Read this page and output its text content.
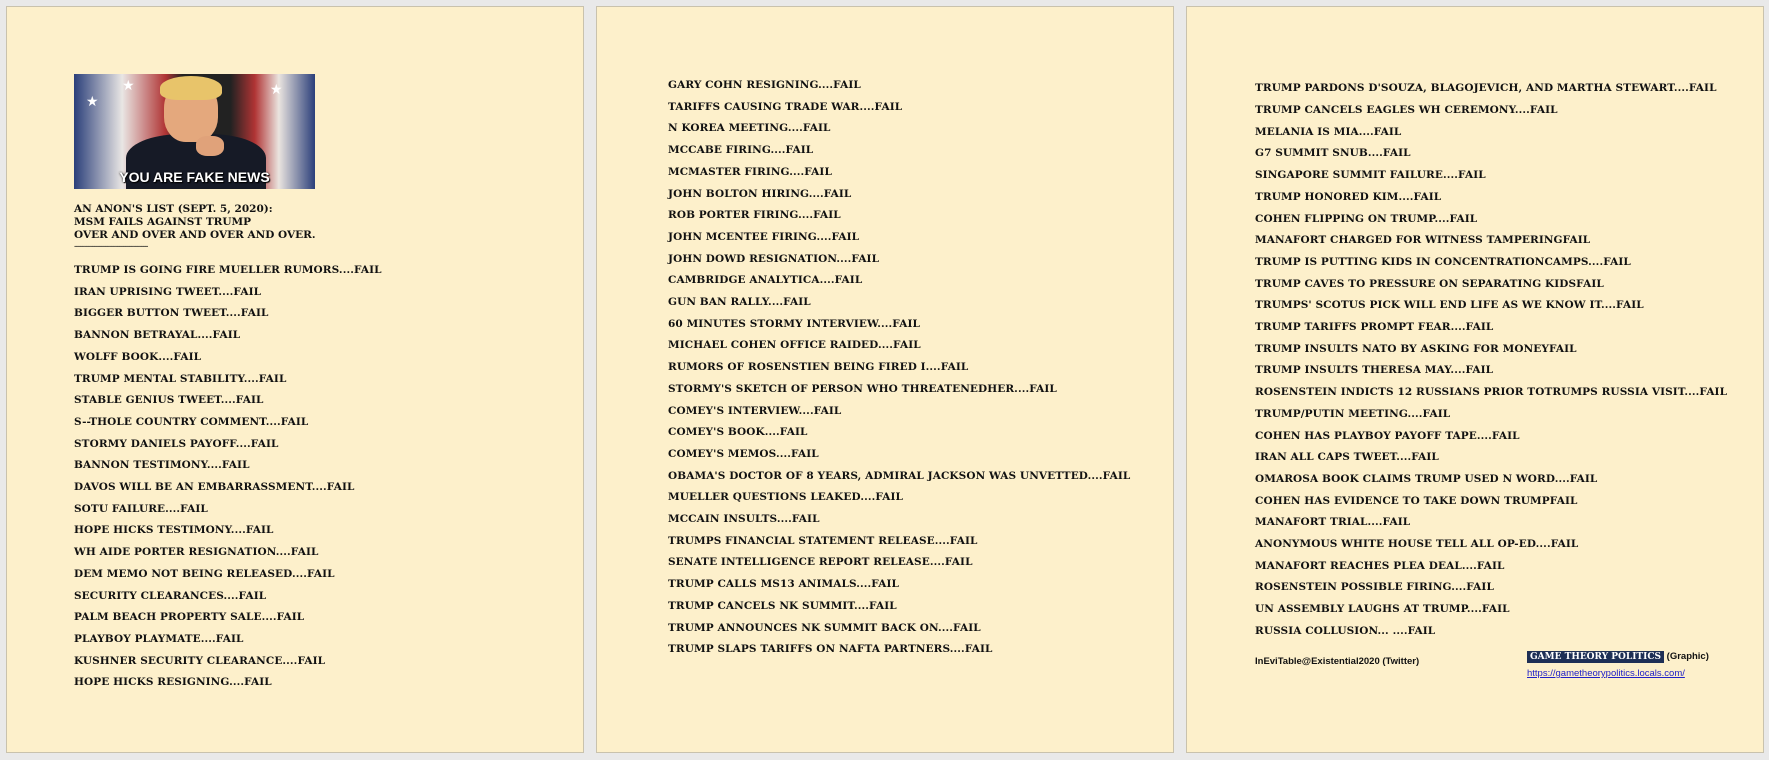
★
★
★
YOU ARE FAKE NEWS
AN ANON'S LIST (SEPT. 5, 2020):
MSM FAILS AGAINST TRUMP
OVER AND OVER AND OVER AND OVER.
------------------------------------
TRUMP IS GOING FIRE MUELLER RUMORS....FAIL
IRAN UPRISING TWEET....FAIL
BIGGER BUTTON TWEET....FAIL
BANNON BETRAYAL....FAIL
WOLFF BOOK....FAIL
TRUMP MENTAL STABILITY....FAIL
STABLE GENIUS TWEET....FAIL
S--THOLE COUNTRY COMMENT....FAIL
STORMY DANIELS PAYOFF....FAIL
BANNON TESTIMONY....FAIL
DAVOS WILL BE AN EMBARRASSMENT....FAIL
SOTU FAILURE....FAIL
HOPE HICKS TESTIMONY....FAIL
WH AIDE PORTER RESIGNATION....FAIL
DEM MEMO NOT BEING RELEASED....FAIL
SECURITY CLEARANCES....FAIL
PALM BEACH PROPERTY SALE....FAIL
PLAYBOY PLAYMATE....FAIL
KUSHNER SECURITY CLEARANCE....FAIL
HOPE HICKS RESIGNING....FAIL
GARY COHN RESIGNING....FAIL
TARIFFS CAUSING TRADE WAR....FAIL
N KOREA MEETING....FAIL
MCCABE FIRING....FAIL
MCMASTER FIRING....FAIL
JOHN BOLTON HIRING....FAIL
ROB PORTER FIRING....FAIL
JOHN MCENTEE FIRING....FAIL
JOHN DOWD RESIGNATION....FAIL
CAMBRIDGE ANALYTICA....FAIL
GUN BAN RALLY....FAIL
60 MINUTES STORMY INTERVIEW....FAIL
MICHAEL COHEN OFFICE RAIDED....FAIL
RUMORS OF ROSENSTIEN BEING FIRED I....FAIL
STORMY'S SKETCH OF PERSON WHO THREATENEDHER....FAIL
COMEY'S INTERVIEW....FAIL
COMEY'S BOOK....FAIL
COMEY'S MEMOS....FAIL
OBAMA'S DOCTOR OF 8 YEARS, ADMIRAL JACKSON WAS UNVETTED....FAIL
MUELLER QUESTIONS LEAKED....FAIL
MCCAIN INSULTS....FAIL
TRUMPS FINANCIAL STATEMENT RELEASE....FAIL
SENATE INTELLIGENCE REPORT RELEASE....FAIL
TRUMP CALLS MS13 ANIMALS....FAIL
TRUMP CANCELS NK SUMMIT....FAIL
TRUMP ANNOUNCES NK SUMMIT BACK ON....FAIL
TRUMP SLAPS TARIFFS ON NAFTA PARTNERS....FAIL
TRUMP PARDONS D'SOUZA, BLAGOJEVICH, AND MARTHA STEWART....FAIL
TRUMP CANCELS EAGLES WH CEREMONY....FAIL
MELANIA IS MIA....FAIL
G7 SUMMIT SNUB....FAIL
SINGAPORE SUMMIT FAILURE....FAIL
TRUMP HONORED KIM....FAIL
COHEN FLIPPING ON TRUMP....FAIL
MANAFORT CHARGED FOR WITNESS TAMPERINGFAIL
TRUMP IS PUTTING KIDS IN CONCENTRATIONCAMPS....FAIL
TRUMP CAVES TO PRESSURE ON SEPARATING KIDSFAIL
TRUMPS' SCOTUS PICK WILL END LIFE AS WE KNOW IT....FAIL
TRUMP TARIFFS PROMPT FEAR....FAIL
TRUMP INSULTS NATO BY ASKING FOR MONEYFAIL
TRUMP INSULTS THERESA MAY....FAIL
ROSENSTEIN INDICTS 12 RUSSIANS PRIOR TOTRUMPS RUSSIA VISIT....FAIL
TRUMP/PUTIN MEETING....FAIL
COHEN HAS PLAYBOY PAYOFF TAPE....FAIL
IRAN ALL CAPS TWEET....FAIL
OMAROSA BOOK CLAIMS TRUMP USED N WORD....FAIL
COHEN HAS EVIDENCE TO TAKE DOWN TRUMPFAIL
MANAFORT TRIAL....FAIL
ANONYMOUS WHITE HOUSE TELL ALL OP-ED....FAIL
MANAFORT REACHES PLEA DEAL....FAIL
ROSENSTEIN POSSIBLE FIRING....FAIL
UN ASSEMBLY LAUGHS AT TRUMP....FAIL
RUSSIA COLLUSION... ....FAIL
InEviTable@Existential2020 (Twitter)	GAME THEORY POLITICS (Graphic)
https://gametheorypolitics.locals.com/
